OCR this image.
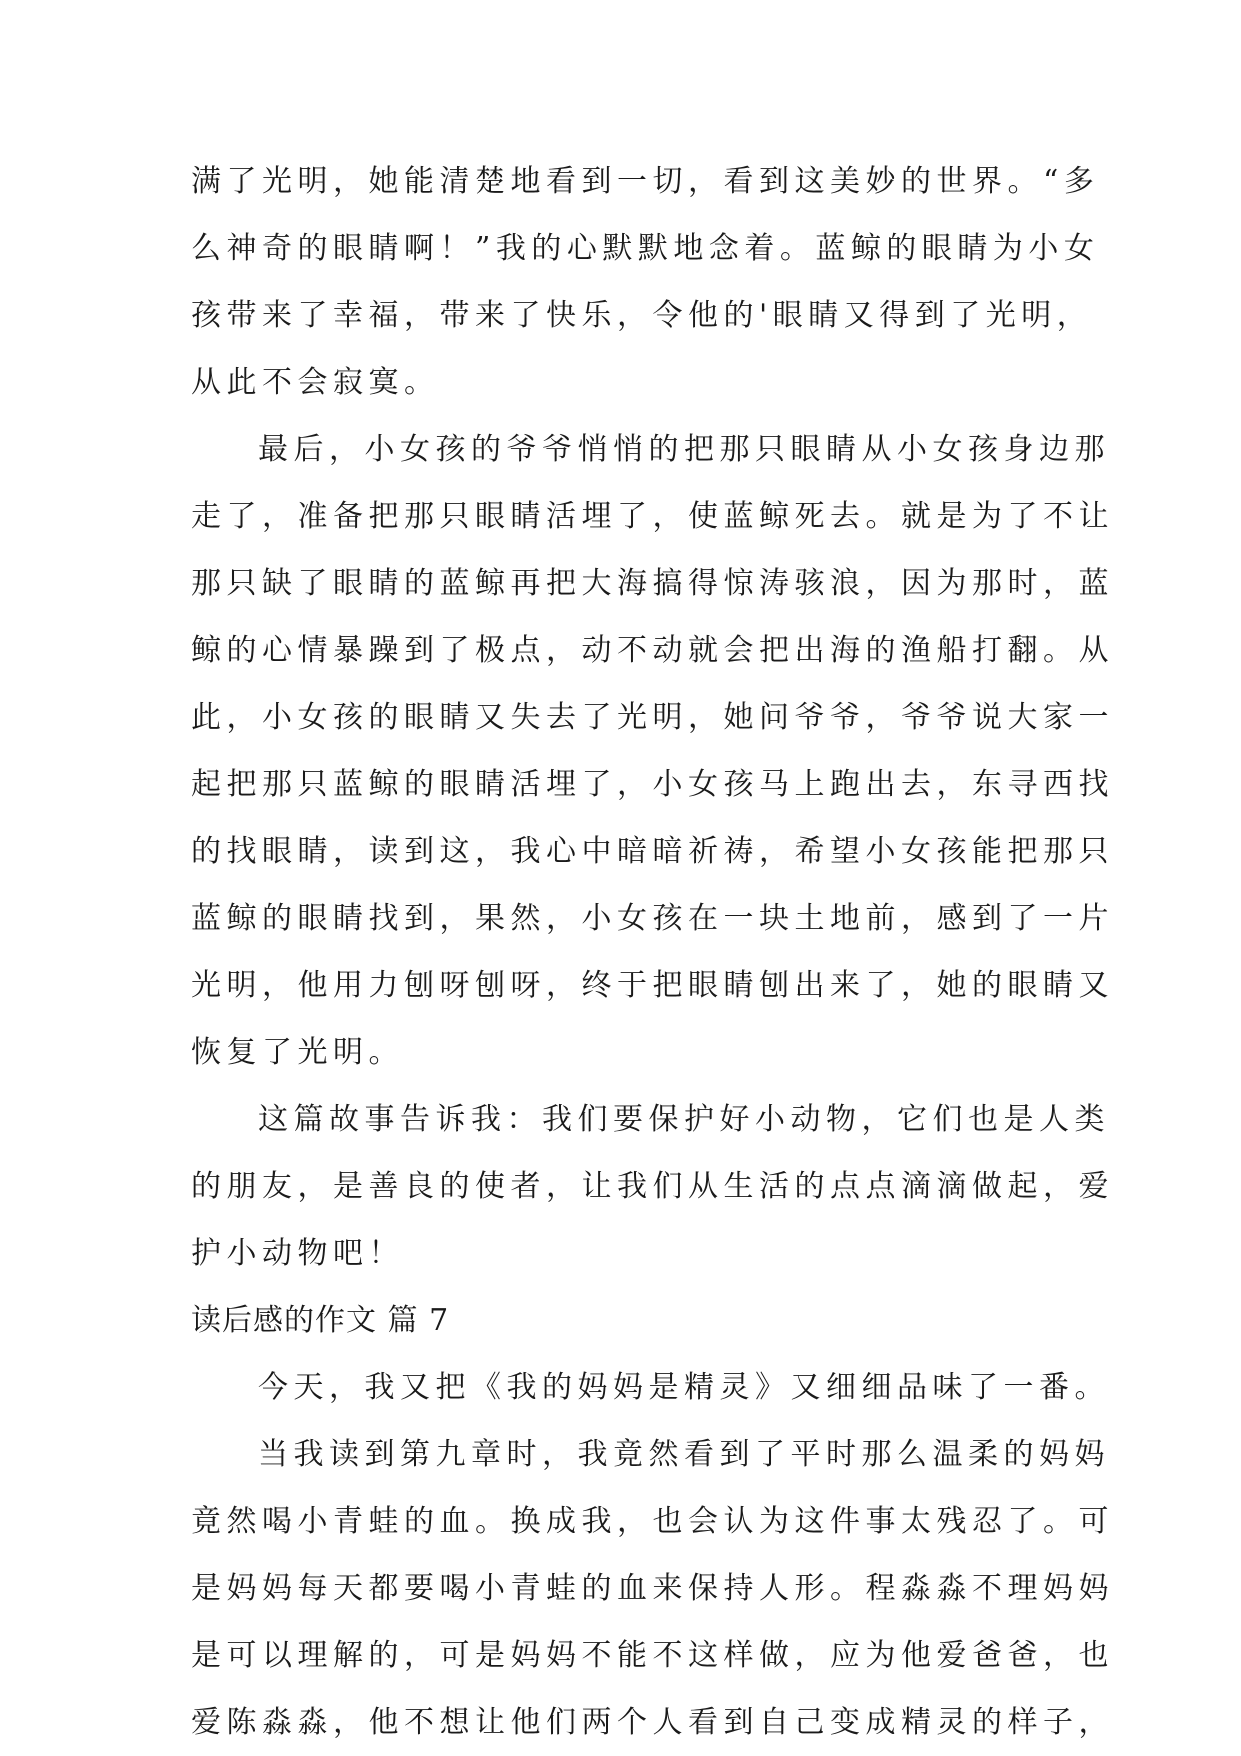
满了光明，她能清楚地看到一切，看到这美妙的世界。“多
么神奇的眼睛啊！”我的心默默地念着。蓝鲸的眼睛为小女
孩带来了幸福，带来了快乐，令他的'眼睛又得到了光明，
从此不会寂寞。
最后，小女孩的爷爷悄悄的把那只眼睛从小女孩身边那
走了，准备把那只眼睛活埋了，使蓝鲸死去。就是为了不让
那只缺了眼睛的蓝鲸再把大海搞得惊涛骇浪，因为那时，蓝
鲸的心情暴躁到了极点，动不动就会把出海的渔船打翻。从
此，小女孩的眼睛又失去了光明，她问爷爷，爷爷说大家一
起把那只蓝鲸的眼睛活埋了，小女孩马上跑出去，东寻西找
的找眼睛，读到这，我心中暗暗祈祷，希望小女孩能把那只
蓝鲸的眼睛找到，果然，小女孩在一块土地前，感到了一片
光明，他用力刨呀刨呀，终于把眼睛刨出来了，她的眼睛又
恢复了光明。
这篇故事告诉我：我们要保护好小动物，它们也是人类
的朋友，是善良的使者，让我们从生活的点点滴滴做起，爱
护小动物吧！
读后感的作文 篇 7
今天，我又把《我的妈妈是精灵》又细细品味了一番。
当我读到第九章时，我竟然看到了平时那么温柔的妈妈
竟然喝小青蛙的血。换成我，也会认为这件事太残忍了。可
是妈妈每天都要喝小青蛙的血来保持人形。程淼淼不理妈妈
是可以理解的，可是妈妈不能不这样做，应为他爱爸爸，也
爱陈淼淼，他不想让他们两个人看到自己变成精灵的样子，
